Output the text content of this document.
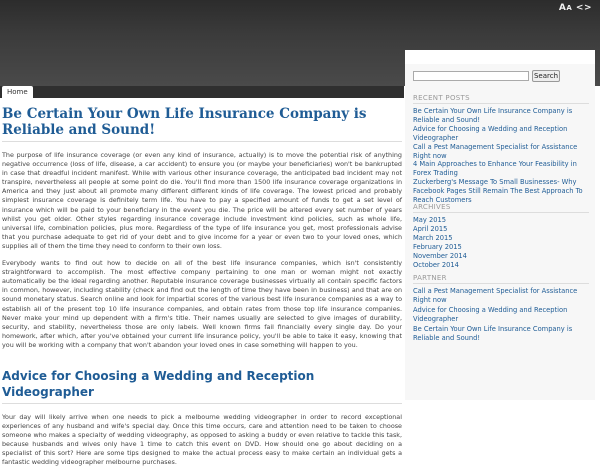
AA <>
Home
Be Certain Your Own Life Insurance Company is Reliable and Sound!

The purpose of life insurance coverage (or even any kind of insurance, actually) is to move the potential risk of anything negative occurrence (loss of life, disease, a car accident) to ensure you (or maybe your beneficiaries) won't be bankrupted in case that dreadful incident manifest. While with various other insurance coverage, the anticipated bad incident may not transpire, nevertheless all people at some point do die. You'll find more than 1500 life insurance coverage organizations in America and they just about all promote many different different kinds of life coverage. The lowest priced and probably simplest insurance coverage is definitely term life. You have to pay a specified amount of funds to get a set level of insurance which will be paid to your beneficiary in the event you die. The price will be altered every set number of years whilst you get older. Other styles regarding insurance coverage include investment kind policies, such as whole life, universal life, combination policies, plus more. Regardless of the type of life insurance you get, most professionals advise that you purchase adequate to get rid of your debt and to give income for a year or even two to your loved ones, which supplies all of them the time they need to conform to their own loss.

Everybody wants to find out how to decide on all of the best life insurance companies, which isn't consistently straightforward to accomplish. The most effective company pertaining to one man or woman might not exactly automatically be the ideal regarding another. Reputable insurance coverage businesses virtually all contain specific factors in common, however, including stability (check and find out the length of time they have been in business) and that are on sound monetary status. Search online and look for impartial scores of the various best life insurance companies as a way to establish all of the present top 10 life insurance companies, and obtain rates from those top life insurance companies. Never make your mind up dependent with a firm's title. Their names usually are selected to give images of durability, security, and stability, nevertheless those are only labels. Well known firms fail financially every single day. Do your homework, after which, after you've obtained your current life insurance policy, you'll be able to take it easy, knowing that you will be working with a company that won't abandon your loved ones in case something will happen to you.

Advice for Choosing a Wedding and Reception Videographer

Your day will likely arrive when one needs to pick a melbourne wedding videographer in order to record exceptional experiences of any husband and wife's special day. Once this time occurs, care and attention need to be taken to choose someone who makes a specialty of wedding videography, as opposed to asking a buddy or even relative to tackle this task, because husbands and wives only have 1 time to catch this event on DVD. How should one go about deciding on a specialist of this sort? Here are some tips designed to make the actual process easy to make certain an individual gets a fantastic wedding videographer melbourne purchases.

Search
RECENT POSTS
Be Certain Your Own Life Insurance Company is Reliable and Sound!
Advice for Choosing a Wedding and Reception Videographer
Call a Pest Management Specialist for Assistance Right now
4 Main Approaches to Enhance Your Feasibility in Forex Trading
Zuckerberg's Message To Small Businesses- Why Facebook Pages Still Remain The Best Approach To Reach Customers
ARCHIVES
May 2015
April 2015
March 2015
February 2015
November 2014
October 2014
PARTNER
Call a Pest Management Specialist for Assistance Right now
Advice for Choosing a Wedding and Reception Videographer
Be Certain Your Own Life Insurance Company is Reliable and Sound!
